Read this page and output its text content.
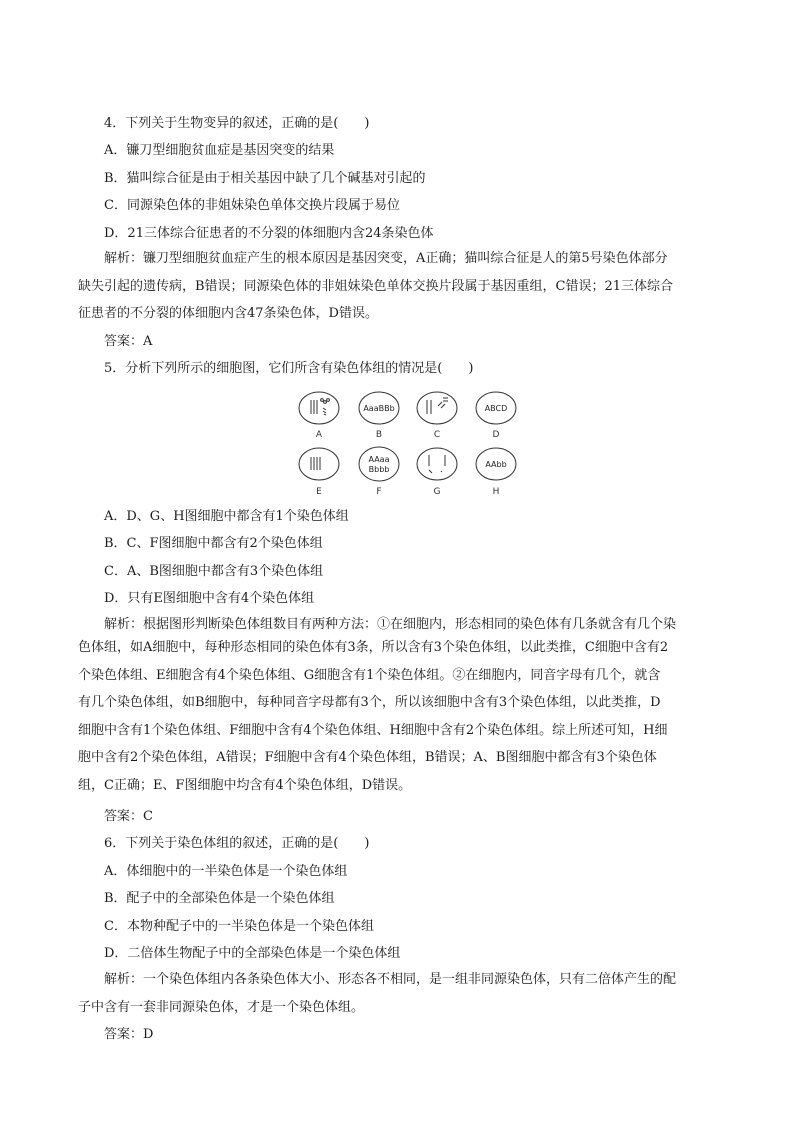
4．下列关于生物变异的叙述，正确的是(　　)
A．镰刀型细胞贫血症是基因突变的结果
B．猫叫综合征是由于相关基因中缺了几个碱基对引起的
C．同源染色体的非姐妹染色单体交换片段属于易位
D．21三体综合征患者的不分裂的体细胞内含24条染色体
解析：镰刀型细胞贫血症产生的根本原因是基因突变，A正确；猫叫综合征是人的第5号染色体部分
缺失引起的遗传病，B错误；同源染色体的非姐妹染色单体交换片段属于基因重组，C错误；21三体综合
征患者的不分裂的体细胞内含47条染色体，D错误。
答案：A
5．分析下列所示的细胞图，它们所含有染色体组的情况是(　　)
A
AaaBBb
B	C
ABCD
D
E
AAaa
Bbbb
F	G
AAbb
H
A．D、G、H图细胞中都含有1个染色体组
B．C、F图细胞中都含有2个染色体组
C．A、B图细胞中都含有3个染色体组
D．只有E图细胞中含有4个染色体组
解析：根据图形判断染色体组数目有两种方法：①在细胞内，形态相同的染色体有几条就含有几个染

色体组，如A细胞中，每种形态相同的染色体有3条，所以含有3个染色体组，以此类推，C细胞中含有2

个染色体组、E细胞含有4个染色体组、G细胞含有1个染色体组。②在细胞内，同音字母有几个，就含

有几个染色体组，如B细胞中，每种同音字母都有3个，所以该细胞中含有3个染色体组，以此类推，D

细胞中含有1个染色体组、F细胞中含有4个染色体组、H细胞中含有2个染色体组。综上所述可知，H细

胞中含有2个染色体组，A错误；F细胞中含有4个染色体组，B错误；A、B图细胞中都含有3个染色体

组，C正确；E、F图细胞中均含有4个染色体组，D错误。

答案：C
6．下列关于染色体组的叙述，正确的是(　　)
A．体细胞中的一半染色体是一个染色体组
B．配子中的全部染色体是一个染色体组
C．本物种配子中的一半染色体是一个染色体组
D．二倍体生物配子中的全部染色体是一个染色体组
解析：一个染色体组内各条染色体大小、形态各不相同，是一组非同源染色体，只有二倍体产生的配
子中含有一套非同源染色体，才是一个染色体组。
答案：D
